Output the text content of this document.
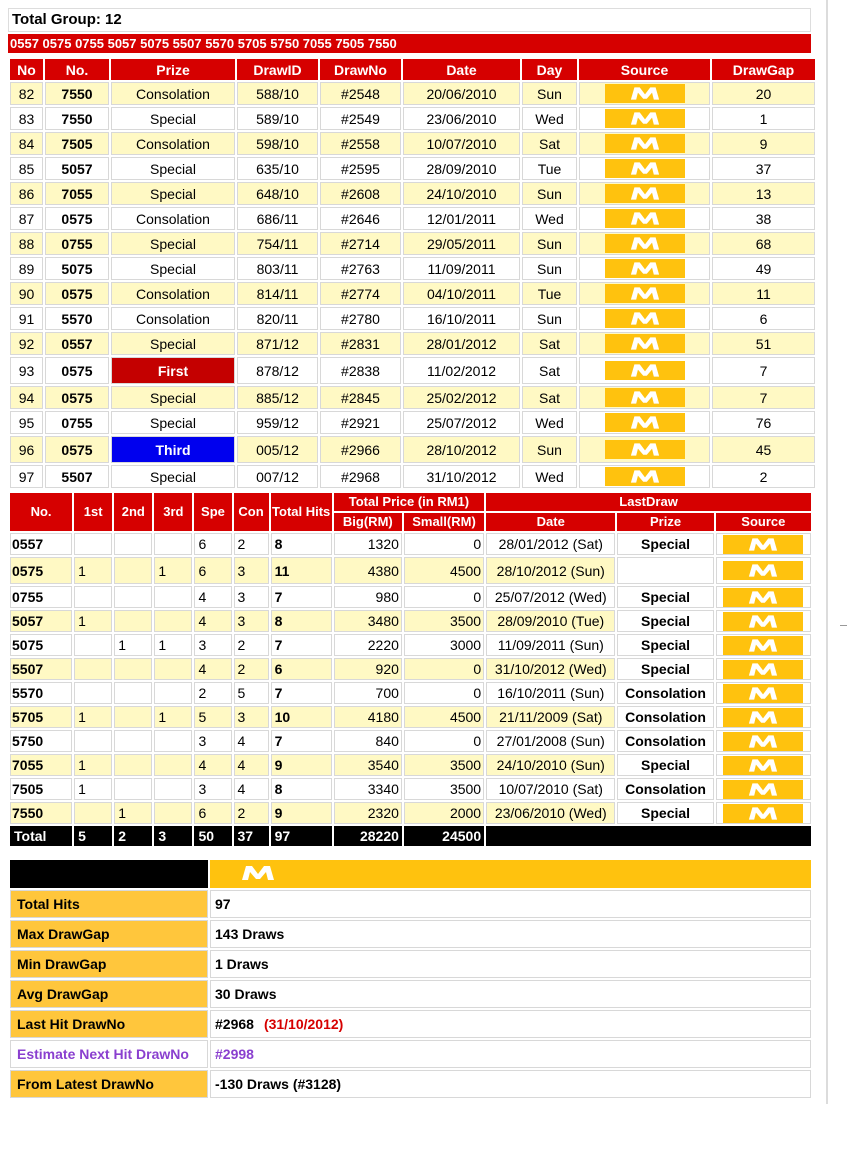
Total Group: 12
0557 0575 0755 5057 5075 5507 5570 5705 5750 7055 7505 7550
No	No.	Prize	DrawID	DrawNo	Date	Day	Source	DrawGap
82	7550	Consolation	588/10	#2548	20/06/2010	Sun		20
83	7550	Special	589/10	#2549	23/06/2010	Wed		1
84	7505	Consolation	598/10	#2558	10/07/2010	Sat		9
85	5057	Special	635/10	#2595	28/09/2010	Tue		37
86	7055	Special	648/10	#2608	24/10/2010	Sun		13
87	0575	Consolation	686/11	#2646	12/01/2011	Wed		38
88	0755	Special	754/11	#2714	29/05/2011	Sun		68
89	5075	Special	803/11	#2763	11/09/2011	Sun		49
90	0575	Consolation	814/11	#2774	04/10/2011	Tue		11
91	5570	Consolation	820/11	#2780	16/10/2011	Sun		6
92	0557	Special	871/12	#2831	28/01/2012	Sat		51
93	0575	First	878/12	#2838	11/02/2012	Sat		7
94	0575	Special	885/12	#2845	25/02/2012	Sat		7
95	0755	Special	959/12	#2921	25/07/2012	Wed		76
96	0575	Third	005/12	#2966	28/10/2012	Sun		45
97	5507	Special	007/12	#2968	31/10/2012	Wed		2
No.	1st	2nd	3rd	Spe	Con	Total Hits	Total Price (in RM1)		LastDraw		
							Big(RM)	Small(RM)	Date	Prize	Source
0557				6	2	8	1320	0	28/01/2012 (Sat)	Special	

0575	1		1	6	3	11	4380	4500	28/10/2012 (Sun)	Third	

0755				4	3	7	980	0	25/07/2012 (Wed)	Special	

5057	1			4	3	8	3480	3500	28/09/2010 (Tue)	Special	

5075		1	1	3	2	7	2220	3000	11/09/2011 (Sun)	Special	

5507				4	2	6	920	0	31/10/2012 (Wed)	Special	

5570				2	5	7	700	0	16/10/2011 (Sun)	Consolation	

5705	1		1	5	3	10	4180	4500	21/11/2009 (Sat)	Consolation	

5750				3	4	7	840	0	27/01/2008 (Sun)	Consolation	

7055	1			4	4	9	3540	3500	24/10/2010 (Sun)	Special	

7505	1			3	4	8	3340	3500	10/07/2010 (Sat)	Consolation	

7550		1		6	2	9	2320	2000	23/06/2010 (Wed)	Special	

Total	5	2	3	50	37	97	28220	24500			

Total Hits	97
Max DrawGap	143 Draws
Min DrawGap	1 Draws
Avg DrawGap	30 Draws
Last Hit DrawNo	#2968 (31/10/2012)
Estimate Next Hit DrawNo	#2998
From Latest DrawNo	-130 Draws (#3128)
